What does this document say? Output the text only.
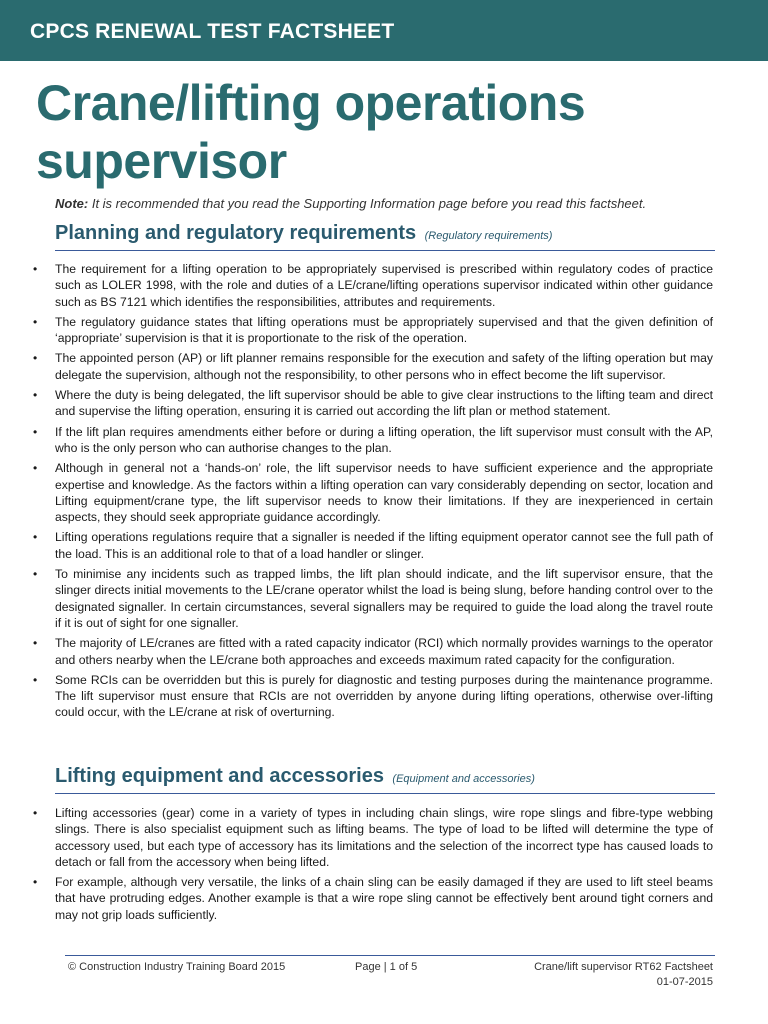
CPCS RENEWAL TEST FACTSHEET
Crane/lifting operations supervisor
Note: It is recommended that you read the Supporting Information page before you read this factsheet.
Planning and regulatory requirements (Regulatory requirements)
• The requirement for a lifting operation to be appropriately supervised is prescribed within regulatory codes of practice such as LOLER 1998, with the role and duties of a LE/crane/lifting operations supervisor indicated within other guidance such as BS 7121 which identifies the responsibilities, attributes and requirements.
• The regulatory guidance states that lifting operations must be appropriately supervised and that the given definition of ‘appropriate’ supervision is that it is proportionate to the risk of the operation.
• The appointed person (AP) or lift planner remains responsible for the execution and safety of the lifting operation but may delegate the supervision, although not the responsibility, to other persons who in effect become the lift supervisor.
• Where the duty is being delegated, the lift supervisor should be able to give clear instructions to the lifting team and direct and supervise the lifting operation, ensuring it is carried out according the lift plan or method statement.
• If the lift plan requires amendments either before or during a lifting operation, the lift supervisor must consult with the AP, who is the only person who can authorise changes to the plan.
• Although in general not a ‘hands-on’ role, the lift supervisor needs to have sufficient experience and the appropriate expertise and knowledge. As the factors within a lifting operation can vary considerably depending on sector, location and Lifting equipment/crane type, the lift supervisor needs to know their limitations. If they are inexperienced in certain aspects, they should seek appropriate guidance accordingly.
• Lifting operations regulations require that a signaller is needed if the lifting equipment operator cannot see the full path of the load. This is an additional role to that of a load handler or slinger.
• To minimise any incidents such as trapped limbs, the lift plan should indicate, and the lift supervisor ensure, that the slinger directs initial movements to the LE/crane operator whilst the load is being slung, before handing control over to the designated signaller. In certain circumstances, several signallers may be required to guide the load along the travel route if it is out of sight for one signaller.
• The majority of LE/cranes are fitted with a rated capacity indicator (RCI) which normally provides warnings to the operator and others nearby when the LE/crane both approaches and exceeds maximum rated capacity for the configuration.
• Some RCIs can be overridden but this is purely for diagnostic and testing purposes during the maintenance programme. The lift supervisor must ensure that RCIs are not overridden by anyone during lifting operations, otherwise over-lifting could occur, with the LE/crane at risk of overturning.
Lifting equipment and accessories (Equipment and accessories)
• Lifting accessories (gear) come in a variety of types in including chain slings, wire rope slings and fibre-type webbing slings. There is also specialist equipment such as lifting beams. The type of load to be lifted will determine the type of accessory used, but each type of accessory has its limitations and the selection of the incorrect type has caused loads to detach or fall from the accessory when being lifted.
• For example, although very versatile, the links of a chain sling can be easily damaged if they are used to lift steel beams that have protruding edges. Another example is that a wire rope sling cannot be effectively bent around tight corners and may not grip loads sufficiently.
© Construction Industry Training Board 2015	Page | 1 of 5	Crane/lift supervisor RT62 Factsheet
01-07-2015
